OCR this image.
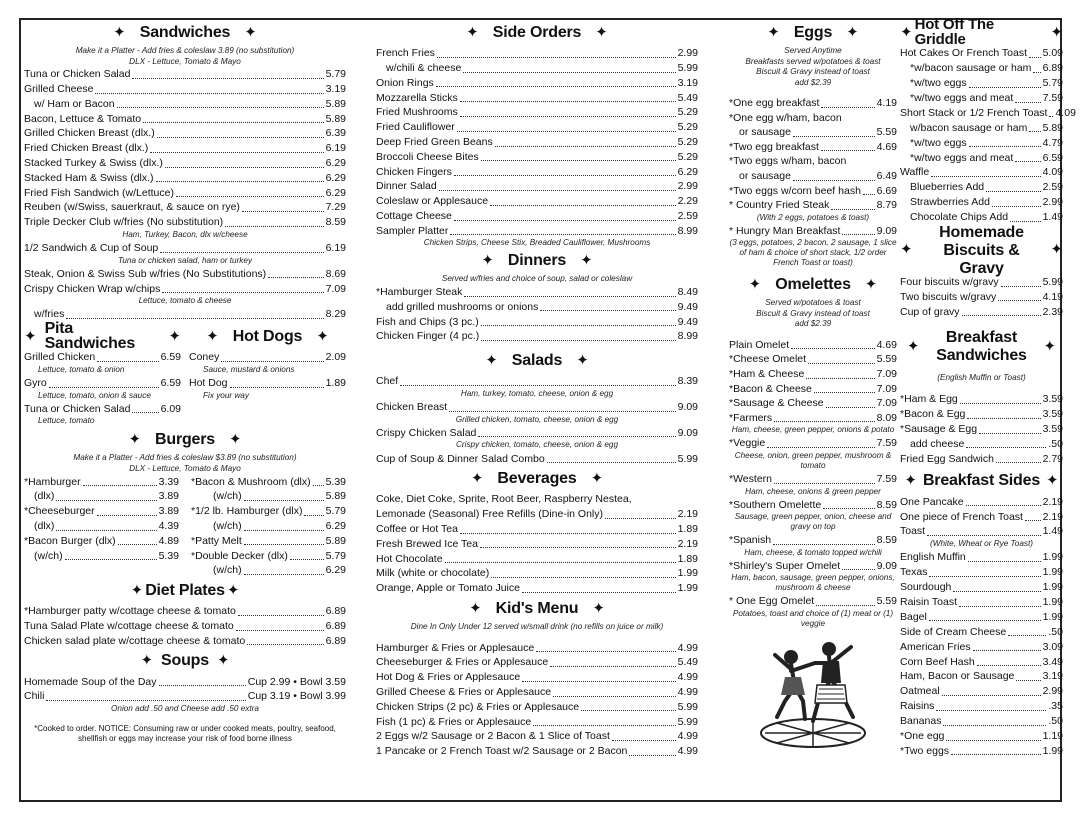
✦ Sandwiches ✦
Make it a Platter - Add fries & coleslaw 3.89 (no substitution)
DLX - Lettuce, Tomato & Mayo
Tuna or Chicken Salad	5.79
Grilled Cheese	3.19
w/ Ham or Bacon	5.89
Bacon, Lettuce & Tomato	5.89
Grilled Chicken Breast (dlx.)	6.39
Fried Chicken Breast (dlx.)	6.19
Stacked Turkey & Swiss (dlx.)	6.29
Stacked Ham & Swiss (dlx.)	6.29
Fried Fish Sandwich (w/Lettuce)	6.29
Reuben (w/Swiss, sauerkraut, & sauce on rye)	7.29
Triple Decker Club w/fries (No substitution)	8.59
Ham, Turkey, Bacon, dlx w/cheese
1/2 Sandwich & Cup of Soup	6.19
Tuna or chicken salad, ham or turkey
Steak, Onion & Swiss Sub w/fries (No Substitutions)	8.69
Crispy Chicken Wrap w/chips	7.09
Lettuce, tomato & cheese
w/fries	8.29
✦ Pita Sandwiches	✦
Grilled Chicken	6.59
Lettuce, tomato & onion
Gyro	6.59
Lettuce, tomato, onion & sauce
Tuna or Chicken Salad	6.09
Lettuce, tomato
✦ Hot Dogs ✦
Coney	2.09
Sauce, mustard & onions
Hot Dog	1.89
Fix your way
✦ Burgers ✦
Make it a Platter - Add fries & coleslaw $3.89 (no substitution)
DLX - Lettuce, Tomato & Mayo
*Hamburger	3.39
(dlx)	3.89
*Cheeseburger	3.89
(dlx)	4.39
*Bacon Burger (dlx)	4.89
(w/ch)	5.39
*Bacon & Mushroom (dlx) 5.39
(w/ch)	5.89
*1/2 lb. Hamburger (dlx) 5.79
(w/ch)	6.29
*Patty Melt	5.89
*Double Decker (dlx)	5.79
(w/ch)	6.29
✦ Diet Plates ✦
*Hamburger patty w/cottage cheese & tomato	6.89
Tuna Salad Plate w/cottage cheese & tomato	6.89
Chicken salad plate w/cottage cheese & tomato	6.89
✦ Soups ✦
Homemade Soup of the Day	Cup 2.99 • Bowl 3.59
Chili	Cup 3.19 • Bowl 3.99
Onion add .50 and Cheese add .50 extra
*Cooked to order. NOTICE: Consuming raw or under cooked meats, poultry, seafood, shellfish or eggs may increase your risk of food borne illness
✦ Side Orders ✦
French Fries	2.99
w/chili & cheese	5.99
Onion Rings	3.19
Mozzarella Sticks	5.49
Fried Mushrooms	5.29
Fried Cauliflower	5.29
Deep Fried Green Beans	5.29
Broccoli Cheese Bites	5.29
Chicken Fingers	6.29
Dinner Salad	2.99
Coleslaw or Applesauce	2.29
Cottage Cheese	2.59
Sampler Platter	8.99
Chicken Strips, Cheese Stix, Breaded Cauliflower, Mushrooms
✦ Dinners ✦
Served w/fries and choice of soup, salad or coleslaw
*Hamburger Steak	8.49
add grilled mushrooms or onions	9.49
Fish and Chips (3 pc.)	9.49
Chicken Finger (4 pc.)	8.99
✦ Salads ✦
Chef	8.39
Ham, turkey, tomato, cheese, onion & egg
Chicken Breast	9.09
Grilled chicken, tomato, cheese, onion & egg
Crispy Chicken Salad	9.09
Crispy chicken, tomato, cheese, onion & egg
Cup of Soup & Dinner Salad Combo	5.99
✦ Beverages ✦
Coke, Diet Coke, Sprite, Root Beer, Raspberry Nestea,
Lemonade (Seasonal) Free Refills (Dine-in Only)	2.19
Coffee or Hot Tea	1.89
Fresh Brewed Ice Tea	2.19
Hot Chocolate	1.89
Milk (white or chocolate)	1.99
Orange, Apple or Tomato Juice	1.99
✦ Kid's Menu ✦
Dine In Only Under 12 served w/small drink (no refills on juice or milk)
Hamburger & Fries or Applesauce	4.99
Cheeseburger & Fries or Applesauce	5.49
Hot Dog & Fries or Applesauce	4.99
Grilled Cheese & Fries or Applesauce	4.99
Chicken Strips (2 pc) & Fries or Applesauce	5.99
Fish (1 pc) & Fries or Applesauce	5.99
2 Eggs w/2 Sausage or 2 Bacon & 1 Slice of Toast	4.99
1 Pancake or 2 French Toast w/2 Sausage or 2 Bacon	4.99
✦ Eggs ✦
Served Anytime
Breakfasts served w/potatoes & toast
Biscuit & Gravy instead of toast
add $2.39
*One egg breakfast	4.19
*One egg w/ham, bacon
or sausage	5.59
*Two egg breakfast	4.69
*Two eggs w/ham, bacon
or sausage	6.49
*Two eggs w/corn beef hash 6.69
* Country Fried Steak	8.79
(With 2 eggs, potatoes & toast)
* Hungry Man Breakfast	9.09
(3 eggs, potatoes, 2 bacon, 2 sausage, 1 slice of ham & choice of short stack, 1/2 order French Toast or toast)
✦ Omelettes ✦
Served w/potatoes & toast
Biscuit & Gravy instead of toast
add $2.39
Plain Omelet	4.69
*Cheese Omelet	5.59
*Ham & Cheese	7.09
*Bacon & Cheese	7.09
*Sausage & Cheese	7.09
*Farmers	8.09
Ham, cheese, green pepper, onions & potato
*Veggie	7.59
Cheese, onion, green pepper, mushroom & tomato
*Western	7.59
Ham, cheese, onions & green pepper
*Southern Omelette	8.59
Sausage, green pepper, onion, cheese and gravy on top
*Spanish	8.59
Ham, cheese, & tomato topped w/chili
*Shirley's Super Omelet	9.09
Ham, bacon, sausage, green pepper, onions, mushroom & cheese
* One Egg Omelet	5.59
Potatoes, toast and choice of (1) meat or (1) veggie
✦ Hot Off The Griddle	✦
Hot Cakes Or French Toast 5.09
*w/bacon sausage or ham 6.89
*w/two eggs	5.79
*w/two eggs and meat	7.59
Short Stack or 1/2 French Toast 4.09
w/bacon sausage or ham 5.89
*w/two eggs	4.79
*w/two eggs and meat	6.59
Waffle	4.09
Blueberries Add	2.59
Strawberries Add	2.99
Chocolate Chips Add	1.49
✦
Homemade Biscuits & Gravy
✦
Four biscuits w/gravy	5.99
Two biscuits w/gravy	4.19
Cup of gravy	2.39
✦
Breakfast Sandwiches
✦
(English Muffin or Toast)
*Ham & Egg	3.59
*Bacon & Egg	3.59
*Sausage & Egg	3.59
add cheese	.50
Fried Egg Sandwich	2.79
✦ Breakfast Sides ✦
One Pancake	2.19
One piece of French Toast 2.19
Toast	1.49
(White, Wheat or Rye Toast)
English Muffin	1.99
Texas	1.99
Sourdough	1.99
Raisin Toast	1.99
Bagel	1.99
Side of Cream Cheese	.50
American Fries	3.09
Corn Beef Hash	3.49
Ham, Bacon or Sausage	3.19
Oatmeal	2.99
Raisins	.35
Bananas	.50
*One egg	1.19
*Two eggs	1.99
